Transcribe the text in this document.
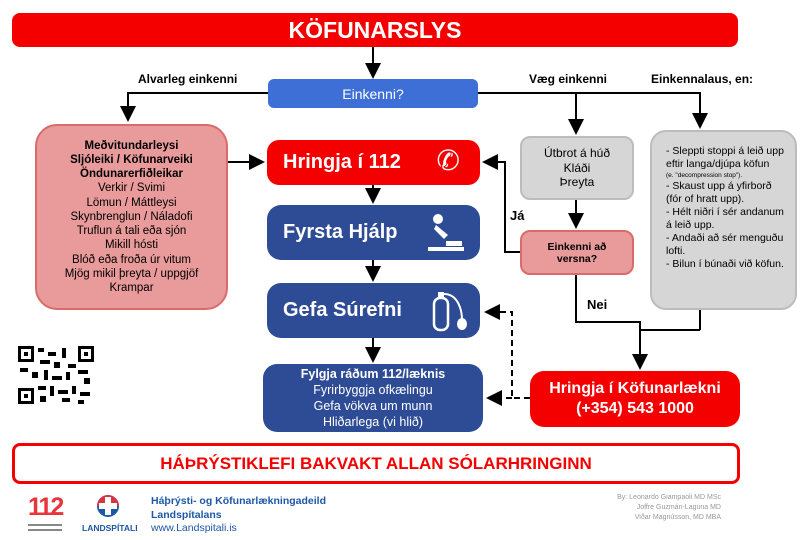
KÖFUNARSLYS
Einkenni?
Alvarleg einkenni	Væg einkenni	Einkennalaus, en:
Meðvitundarleysi
Sljóleiki / Köfunarveiki
Öndunarerfiðleikar
Verkir / Svimi
Lömun / Máttleysi
Skynbrenglun / Náladofi
Truflun á tali eða sjón
Mikill hósti
Blóð eða froða úr vitum
Mjög mikil þreyta / uppgjöf
Krampar
Hringja í 112 ✆
Fyrsta Hjálp
Gefa Súrefni
Fylgja ráðum 112/læknis
Fyrirbyggja ofkælingu
Gefa vökva um munn
Hliðarlega (vi hlið)
Útbrot á húð
Kláði
Þreyta
Já
Einkenni að versna?
Nei
- Sleppti stoppi á leið upp eftir langa/djúpa köfun
(e. "decompression stop").
- Skaust upp á yfirborð (fór of hratt upp).
- Hélt niðri í sér andanum á leið upp.
- Andaði að sér menguðu lofti.
- Bilun í búnaði við köfun.
Hringja í Köfunarlækni
(+354) 543 1000
HÁÞRÝSTIKLEFI BAKVAKT ALLAN SÓLARHRINGINN
112
LANDSPÍTALI
Háþrýsti- og Köfunarlækningadeild
Landspítalans
www.Landspitali.is
By: Leonardo Giampaoli MD MSc
Joffre Guzmán-Laguna MD
Viðar Magnússon, MD MBA
